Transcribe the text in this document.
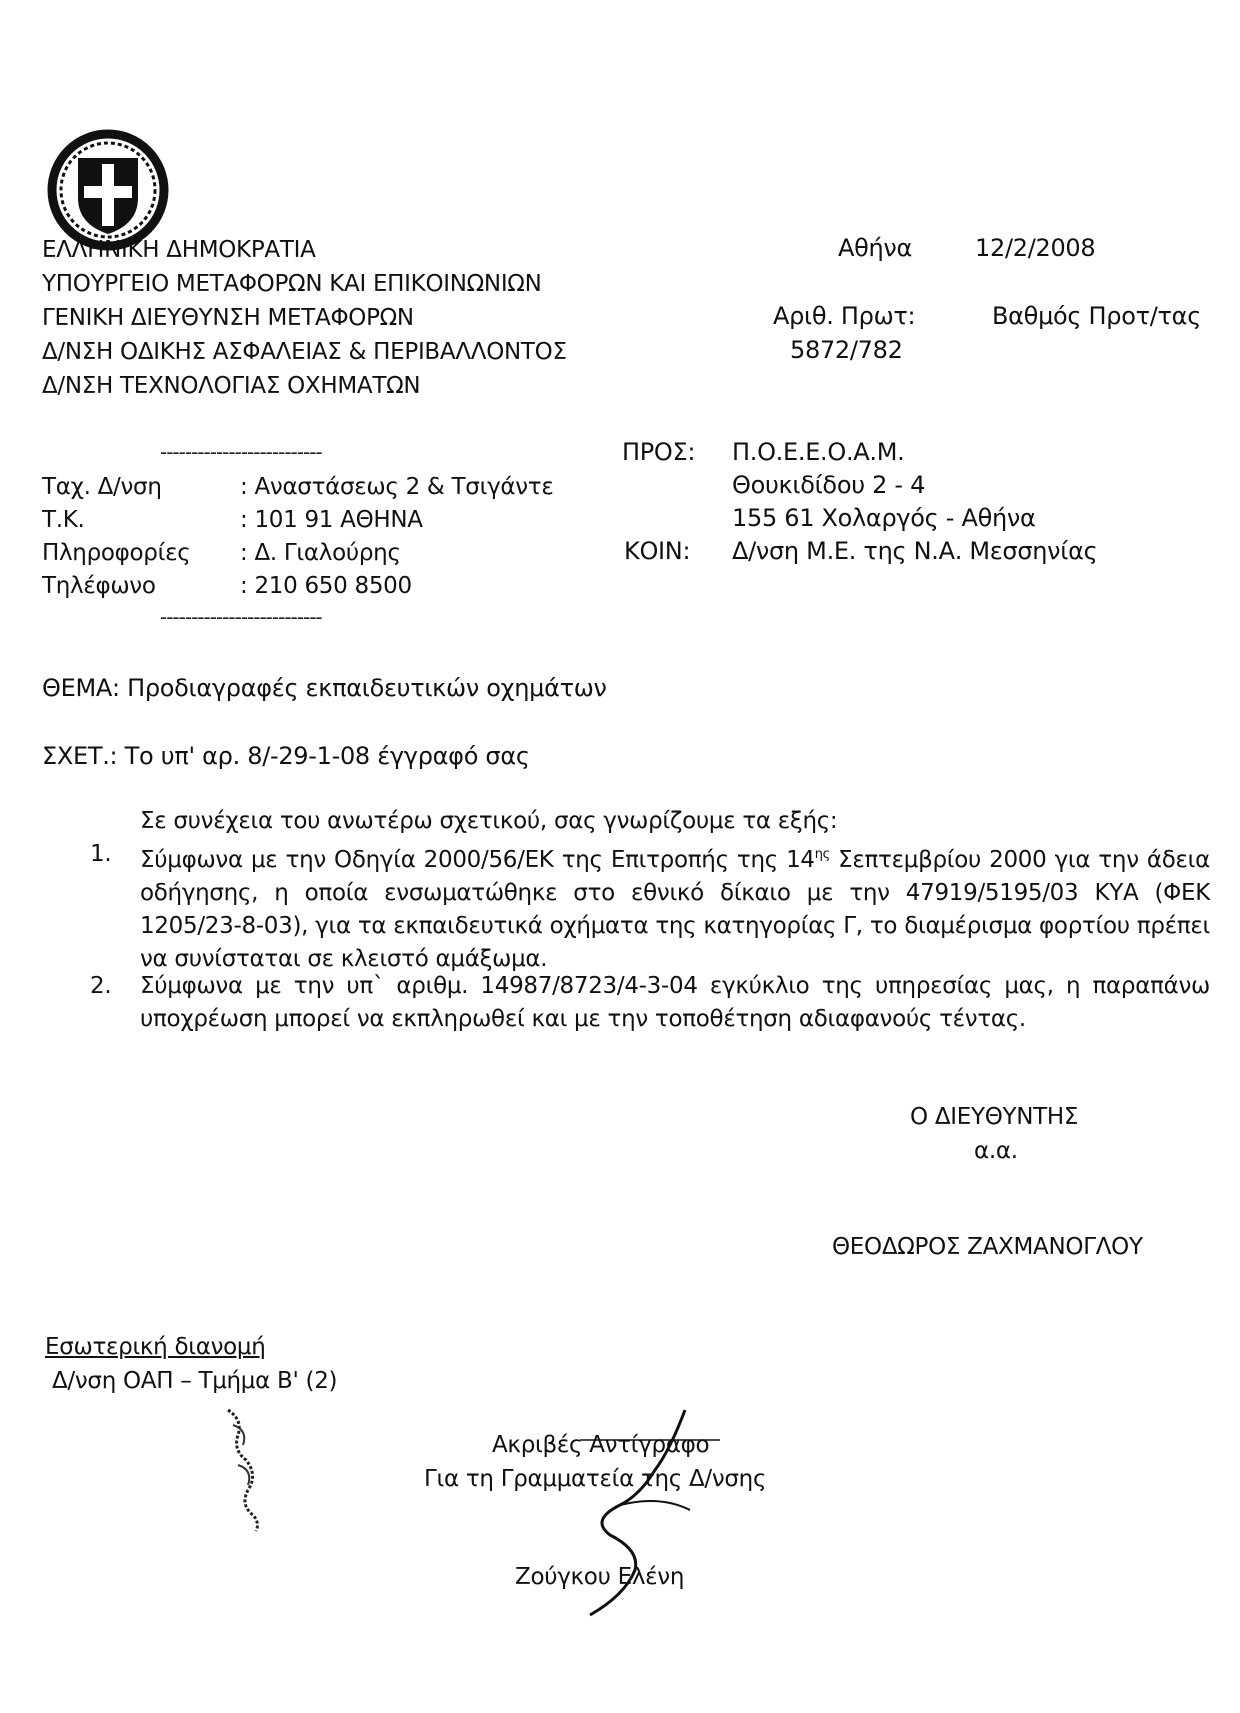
ΕΛΛΗΝΙΚΗ ΔΗΜΟΚΡΑΤΙΑ
ΥΠΟΥΡΓΕΙΟ ΜΕΤΑΦΟΡΩΝ ΚΑΙ ΕΠΙΚΟΙΝΩΝΙΩΝ
ΓΕΝΙΚΗ ΔΙΕΥΘΥΝΣΗ ΜΕΤΑΦΟΡΩΝ
Δ/ΝΣΗ ΟΔΙΚΗΣ ΑΣΦΑΛΕΙΑΣ & ΠΕΡΙΒΑΛΛΟΝΤΟΣ
Δ/ΝΣΗ ΤΕΧΝΟΛΟΓΙΑΣ ΟΧΗΜΑΤΩΝ
Αθήνα	12/2/2008
Αριθ. Πρωτ:	Βαθμός Προτ/τας
5872/782
--------------------------
Ταχ. Δ/νση	: Αναστάσεως 2 & Τσιγάντε
Τ.Κ.	: 101 91 ΑΘΗΝΑ
Πληροφορίες : Δ. Γιαλούρης
Τηλέφωνο	: 210 650 8500
--------------------------
ΠΡΟΣ: Π.Ο.Ε.Ε.Ο.Α.Μ.
Θουκιδίδου 2 - 4
155 61 Χολαργός - Αθήνα
ΚΟΙΝ: Δ/νση Μ.Ε. της Ν.Α. Μεσσηνίας
ΘΕΜΑ: Προδιαγραφές εκπαιδευτικών οχημάτων
ΣΧΕΤ.: Το υπ' αρ. 8/-29-1-08 έγγραφό σας
Σε συνέχεια του ανωτέρω σχετικού, σας γνωρίζουμε τα εξής:
1. Σύμφωνα με την Οδηγία 2000/56/ΕΚ της Επιτροπής της $14^{\eta\varsigma}$ Σεπτεμβρίου 2000 για την άδεια οδήγησης, η οποία ενσωματώθηκε στο εθνικό δίκαιο με την 47919/5195/03 ΚΥΑ (ΦΕΚ 1205/23-8-03), για τα εκπαιδευτικά οχήματα της κατηγορίας Γ, το διαμέρισμα φορτίου πρέπει να συνίσταται σε κλειστό αμάξωμα.
2. Σύμφωνα με την υπ` αριθμ. 14987/8723/4-3-04 εγκύκλιο της υπηρεσίας μας, η παραπάνω υποχρέωση μπορεί να εκπληρωθεί και με την τοποθέτηση αδιαφανούς τέντας.
Ο ΔΙΕΥΘΥΝΤΗΣ
α.α.
ΘΕΟΔΩΡΟΣ ΖΑΧΜΑΝΟΓΛΟΥ
Εσωτερική διανομή
Δ/νση ΟΑΠ – Τμήμα Β' (2)
Ακριβές Αντίγραφο
Για τη Γραμματεία της Δ/νσης
Ζούγκου Ελένη
